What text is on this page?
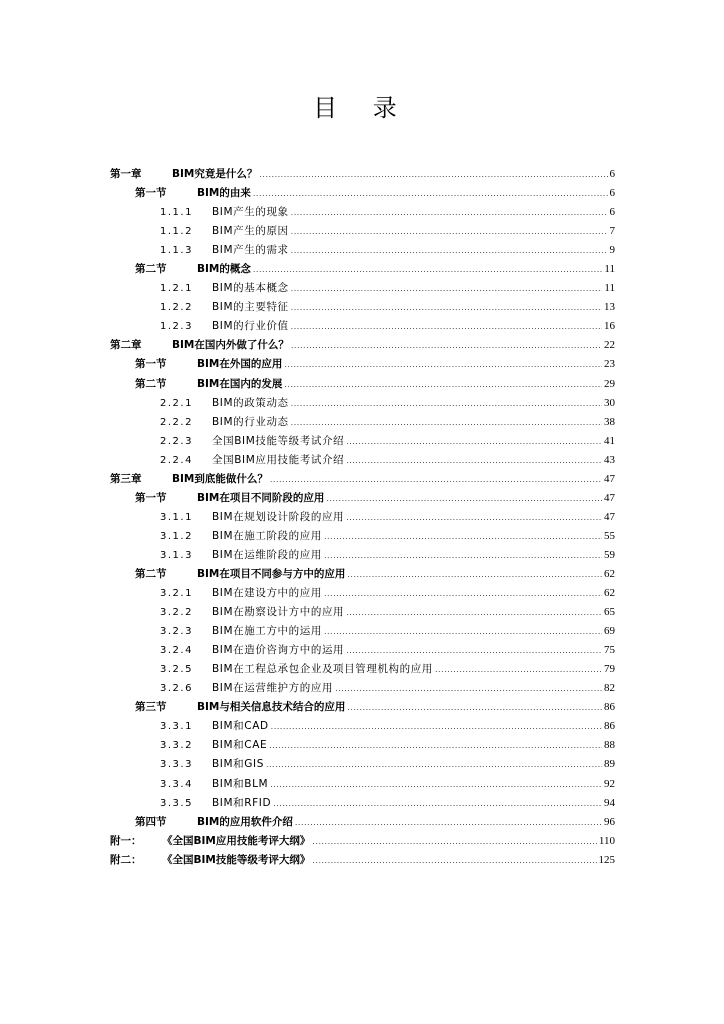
目 录
第一章	BIM究竟是什么？ .....	6
第一节	BIM的由来 .....	6
1.1.1	BIM产生的现象 .....	6
1.1.2	BIM产生的原因 .....	7
1.1.3	BIM产生的需求 .....	9
第二节	BIM的概念 .....	11
1.2.1	BIM的基本概念 .....	11
1.2.2	BIM的主要特征 .....	13
1.2.3	BIM的行业价值 .....	16
第二章	BIM在国内外做了什么？ .....	22
第一节	BIM在外国的应用 .....	23
第二节	BIM在国内的发展 .....	29
2.2.1	BIM的政策动态 .....	30
2.2.2	BIM的行业动态 .....	38
2.2.3	全国BIM技能等级考试介绍 .....	41
2.2.4	全国BIM应用技能考试介绍 .....	43
第三章	BIM到底能做什么？ .....	47
第一节	BIM在项目不同阶段的应用 .....	47
3.1.1	BIM在规划设计阶段的应用 .....	47
3.1.2	BIM在施工阶段的应用 .....	55
3.1.3	BIM在运维阶段的应用 .....	59
第二节	BIM在项目不同参与方中的应用 .....	62
3.2.1	BIM在建设方中的应用 .....	62
3.2.2	BIM在勘察设计方中的应用 .....	65
3.2.3	BIM在施工方中的运用 .....	69
3.2.4	BIM在造价咨询方中的运用 .....	75
3.2.5	BIM在工程总承包企业及项目管理机构的应用 .....	79
3.2.6	BIM在运营维护方的应用 .....	82
第三节	BIM与相关信息技术结合的应用 .....	86
3.3.1	BIM和CAD .....	86
3.3.2	BIM和CAE .....	88
3.3.3	BIM和GIS .....	89
3.3.4	BIM和BLM .....	92
3.3.5	BIM和RFID .....	94
第四节	BIM的应用软件介绍 .....	96
附一：	《全国BIM应用技能考评大纲》 .....	110
附二：	《全国BIM技能等级考评大纲》 .....	125
